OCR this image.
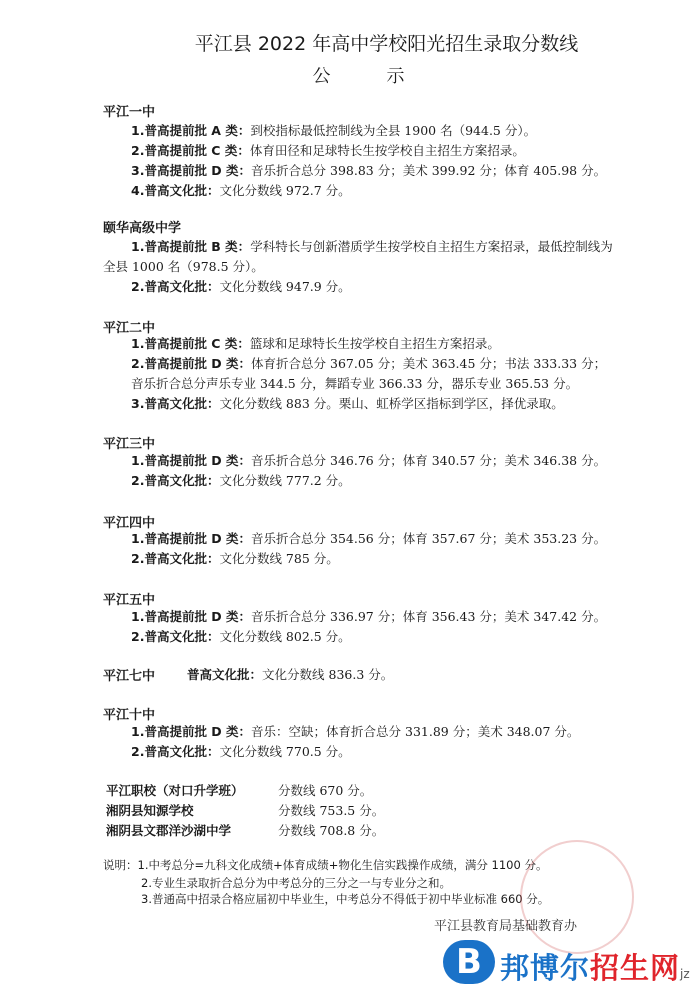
平江县 2022 年高中学校阳光招生录取分数线
公示
平江一中
1.普高提前批 A 类：到校指标最低控制线为全县 1900 名（944.5 分）。
2.普高提前批 C 类：体育田径和足球特长生按学校自主招生方案招录。
3.普高提前批 D 类：音乐折合总分 398.83 分；美术 399.92 分；体育 405.98 分。
4.普高文化批：文化分数线 972.7 分。
颐华高级中学
1.普高提前批 B 类：学科特长与创新潜质学生按学校自主招生方案招录，最低控制线为
全县 1000 名（978.5 分）。
2.普高文化批：文化分数线 947.9 分。
平江二中
1.普高提前批 C 类：篮球和足球特长生按学校自主招生方案招录。
2.普高提前批 D 类：体育折合总分 367.05 分；美术 363.45 分；书法 333.33 分；
音乐折合总分声乐专业 344.5 分，舞蹈专业 366.33 分，器乐专业 365.53 分。
3.普高文化批：文化分数线 883 分。栗山、虹桥学区指标到学区，择优录取。
平江三中
1.普高提前批 D 类：音乐折合总分 346.76 分；体育 340.57 分；美术 346.38 分。
2.普高文化批：文化分数线 777.2 分。
平江四中
1.普高提前批 D 类：音乐折合总分 354.56 分；体育 357.67 分；美术 353.23 分。
2.普高文化批：文化分数线 785 分。
平江五中
1.普高提前批 D 类：音乐折合总分 336.97 分；体育 356.43 分；美术 347.42 分。
2.普高文化批：文化分数线 802.5 分。
平江七中	普高文化批：文化分数线 836.3 分。
平江十中
1.普高提前批 D 类：音乐：空缺；体育折合总分 331.89 分；美术 348.07 分。
2.普高文化批：文化分数线 770.5 分。
平江职校（对口升学班）	分数线 670 分。
湘阴县知源学校	分数线 753.5 分。
湘阴县文郡洋沙湖中学	分数线 708.8 分。
说明：1.中考总分=九科文化成绩+体育成绩+物化生信实践操作成绩，满分 1100 分。
2.专业生录取折合总分为中考总分的三分之一与专业分之和。
3.普通高中招录合格应届初中毕业生，中考总分不得低于初中毕业标准 660 分。
平江县教育局基础教育办
B 邦博尔招生网jz
